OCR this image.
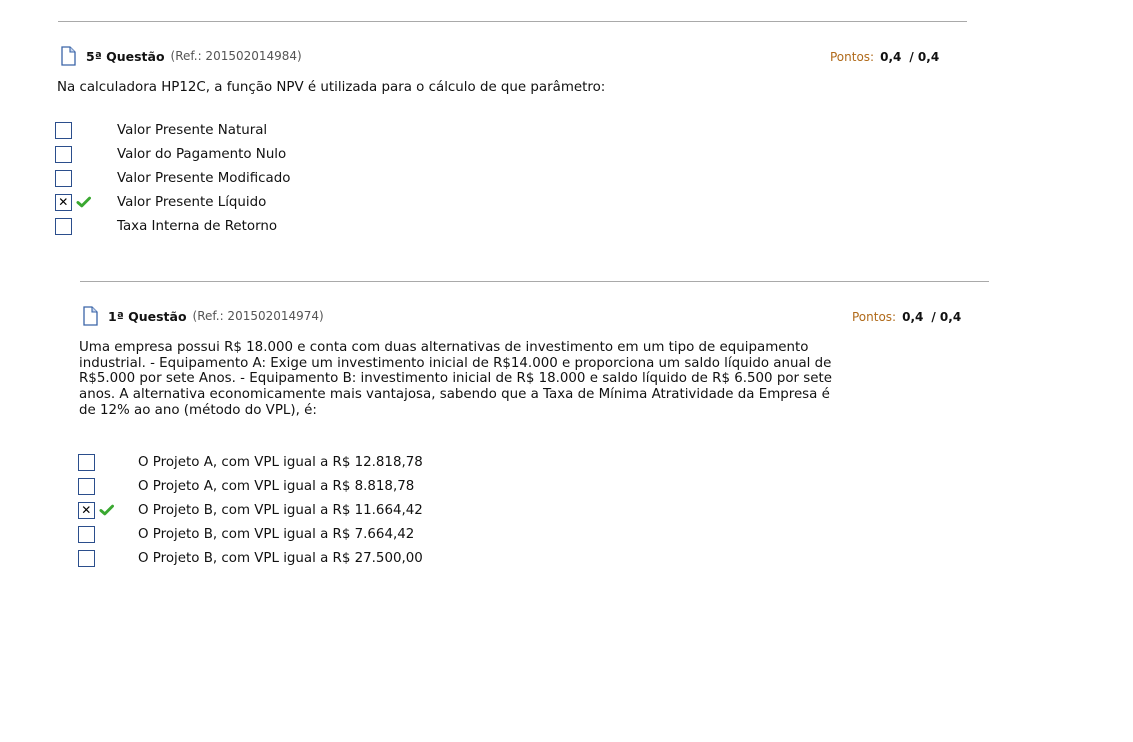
5ª Questão (Ref.: 201502014984)	Pontos: 0,4 / 0,4
Na calculadora HP12C, a função NPV é utilizada para o cálculo de que parâmetro:
Valor Presente Natural
Valor do Pagamento Nulo
Valor Presente Modificado
✕	Valor Presente Líquido
Taxa Interna de Retorno
1ª Questão (Ref.: 201502014974)	Pontos: 0,4 / 0,4
Uma empresa possui R$ 18.000 e conta com duas alternativas de investimento em um tipo de equipamento
industrial. - Equipamento A: Exige um investimento inicial de R$14.000 e proporciona um saldo líquido anual de
R$5.000 por sete Anos. - Equipamento B: investimento inicial de R$ 18.000 e saldo líquido de R$ 6.500 por sete
anos. A alternativa economicamente mais vantajosa, sabendo que a Taxa de Mínima Atratividade da Empresa é
de 12% ao ano (método do VPL), é:
O Projeto A, com VPL igual a R$ 12.818,78
O Projeto A, com VPL igual a R$ 8.818,78
✕	O Projeto B, com VPL igual a R$ 11.664,42
O Projeto B, com VPL igual a R$ 7.664,42
O Projeto B, com VPL igual a R$ 27.500,00
